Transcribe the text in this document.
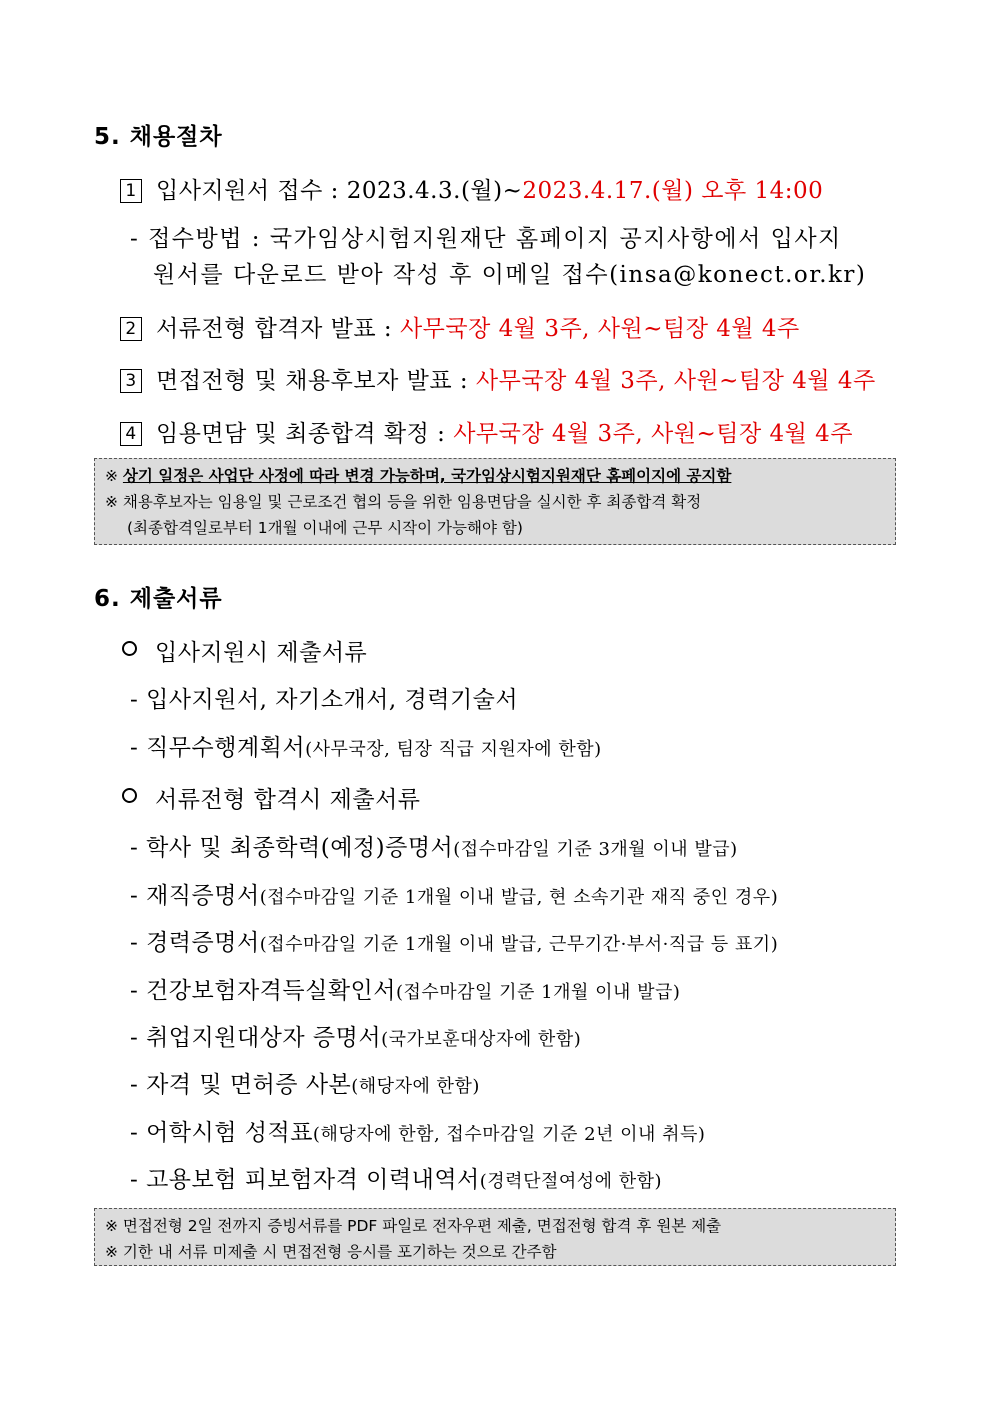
5. 채용절차
1 입사지원서 접수 : 2023.4.3.(월)~2023.4.17.(월) 오후 14:00
- 접수방법 : 국가임상시험지원재단 홈페이지 공지사항에서 입사지
원서를 다운로드 받아 작성 후 이메일 접수(insa@konect.or.kr)
2 서류전형 합격자 발표 : 사무국장 4월 3주, 사원~팀장 4월 4주
3 면접전형 및 채용후보자 발표 : 사무국장 4월 3주, 사원~팀장 4월 4주
4 임용면담 및 최종합격 확정 : 사무국장 4월 3주, 사원~팀장 4월 4주
※ 상기 일정은 사업단 사정에 따라 변경 가능하며, 국가임상시험지원재단 홈페이지에 공지함
※ 채용후보자는 임용일 및 근로조건 협의 등을 위한 임용면담을 실시한 후 최종합격 확정
(최종합격일로부터 1개월 이내에 근무 시작이 가능해야 함)
6. 제출서류
입사지원시 제출서류
- 입사지원서, 자기소개서, 경력기술서
- 직무수행계획서(사무국장, 팀장 직급 지원자에 한함)
서류전형 합격시 제출서류
- 학사 및 최종학력(예정)증명서(접수마감일 기준 3개월 이내 발급)
- 재직증명서(접수마감일 기준 1개월 이내 발급, 현 소속기관 재직 중인 경우)
- 경력증명서(접수마감일 기준 1개월 이내 발급, 근무기간·부서·직급 등 표기)
- 건강보험자격득실확인서(접수마감일 기준 1개월 이내 발급)
- 취업지원대상자 증명서(국가보훈대상자에 한함)
- 자격 및 면허증 사본(해당자에 한함)
- 어학시험 성적표(해당자에 한함, 접수마감일 기준 2년 이내 취득)
- 고용보험 피보험자격 이력내역서(경력단절여성에 한함)
※ 면접전형 2일 전까지 증빙서류를 PDF 파일로 전자우편 제출, 면접전형 합격 후 원본 제출
※ 기한 내 서류 미제출 시 면접전형 응시를 포기하는 것으로 간주함
